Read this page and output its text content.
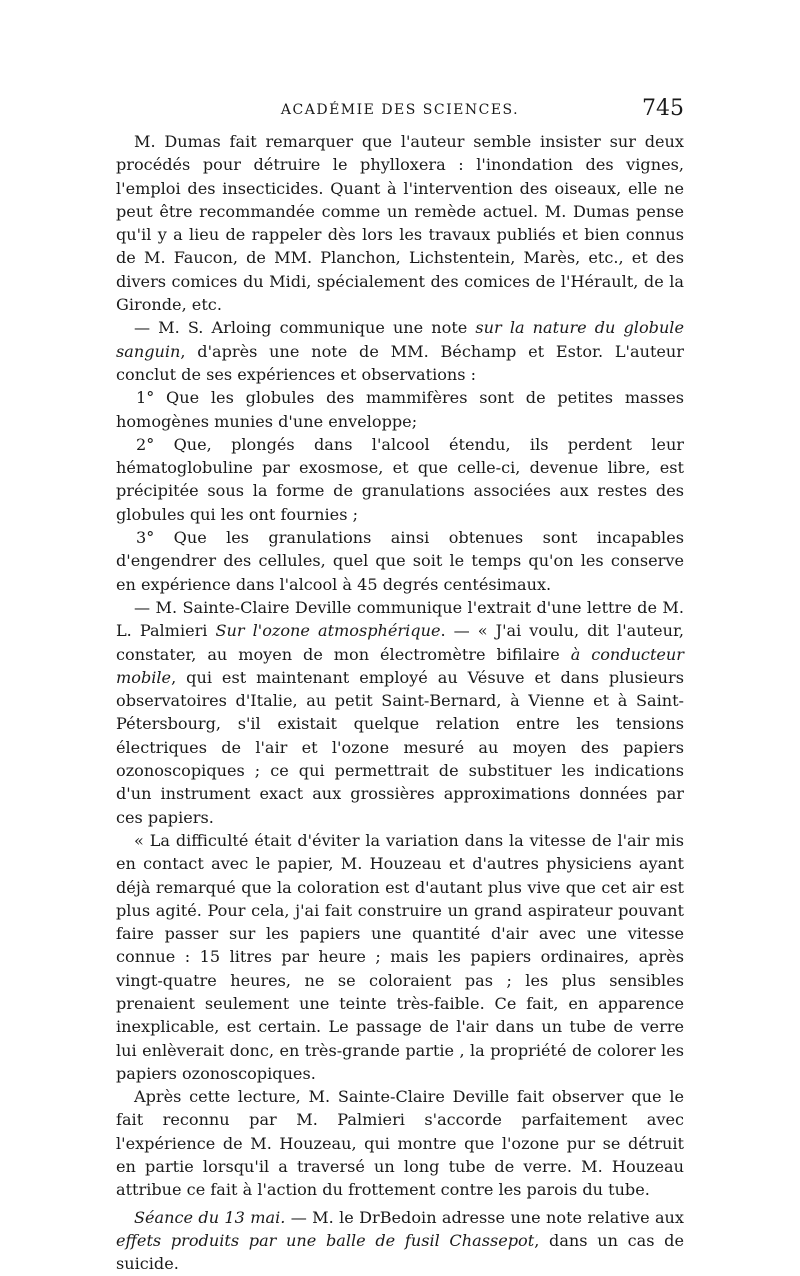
ACADÉMIE DES SCIENCES.	745

M. Dumas fait remarquer que l'auteur semble insister sur deux procédés pour détruire le phylloxera : l'inondation des vignes, l'emploi des insecticides. Quant à l'intervention des oiseaux, elle ne peut être recommandée comme un remède actuel. M. Dumas pense qu'il y a lieu de rappeler dès lors les travaux publiés et bien connus de M. Faucon, de MM. Planchon, Lichstentein, Marès, etc., et des divers comices du Midi, spécialement des comices de l'Hérault, de la Gironde, etc.

— M. S. Arloing communique une note sur la nature du globule sanguin, d'après une note de MM. Béchamp et Estor. L'auteur conclut de ses expériences et observations :

1° Que les globules des mammifères sont de petites masses homogènes munies d'une enveloppe;

2° Que, plongés dans l'alcool étendu, ils perdent leur hématoglobuline par exosmose, et que celle-ci, devenue libre, est précipitée sous la forme de granulations associées aux restes des globules qui les ont fournies ;

3° Que les granulations ainsi obtenues sont incapables d'engendrer des cellules, quel que soit le temps qu'on les conserve en expérience dans l'alcool à 45 degrés centésimaux.

— M. Sainte-Claire Deville communique l'extrait d'une lettre de M. L. Palmieri Sur l'ozone atmosphérique. — « J'ai voulu, dit l'auteur, constater, au moyen de mon électromètre bifilaire à conducteur mobile, qui est maintenant employé au Vésuve et dans plusieurs observatoires d'Italie, au petit Saint-Bernard, à Vienne et à Saint-Pétersbourg, s'il existait quelque relation entre les tensions électriques de l'air et l'ozone mesuré au moyen des papiers ozonoscopiques ; ce qui permettrait de substituer les indications d'un instrument exact aux grossières approximations données par ces papiers.

« La difficulté était d'éviter la variation dans la vitesse de l'air mis en contact avec le papier, M. Houzeau et d'autres physiciens ayant déjà remarqué que la coloration est d'autant plus vive que cet air est plus agité. Pour cela, j'ai fait construire un grand aspirateur pouvant faire passer sur les papiers une quantité d'air avec une vitesse connue : 15 litres par heure ; mais les papiers ordinaires, après vingt-quatre heures, ne se coloraient pas ; les plus sensibles prenaient seulement une teinte très-faible. Ce fait, en apparence inexplicable, est certain. Le passage de l'air dans un tube de verre lui enlèverait donc, en très-grande partie , la propriété de colorer les papiers ozonoscopiques.

Après cette lecture, M. Sainte-Claire Deville fait observer que le fait reconnu par M. Palmieri s'accorde parfaitement avec l'expérience de M. Houzeau, qui montre que l'ozone pur se détruit en partie lorsqu'il a traversé un long tube de verre. M. Houzeau attribue ce fait à l'action du frottement contre les parois du tube.

Séance du 13 mai. — M. le DrBedoin adresse une note relative aux effets produits par une balle de fusil Chassepot, dans un cas de suicide.
